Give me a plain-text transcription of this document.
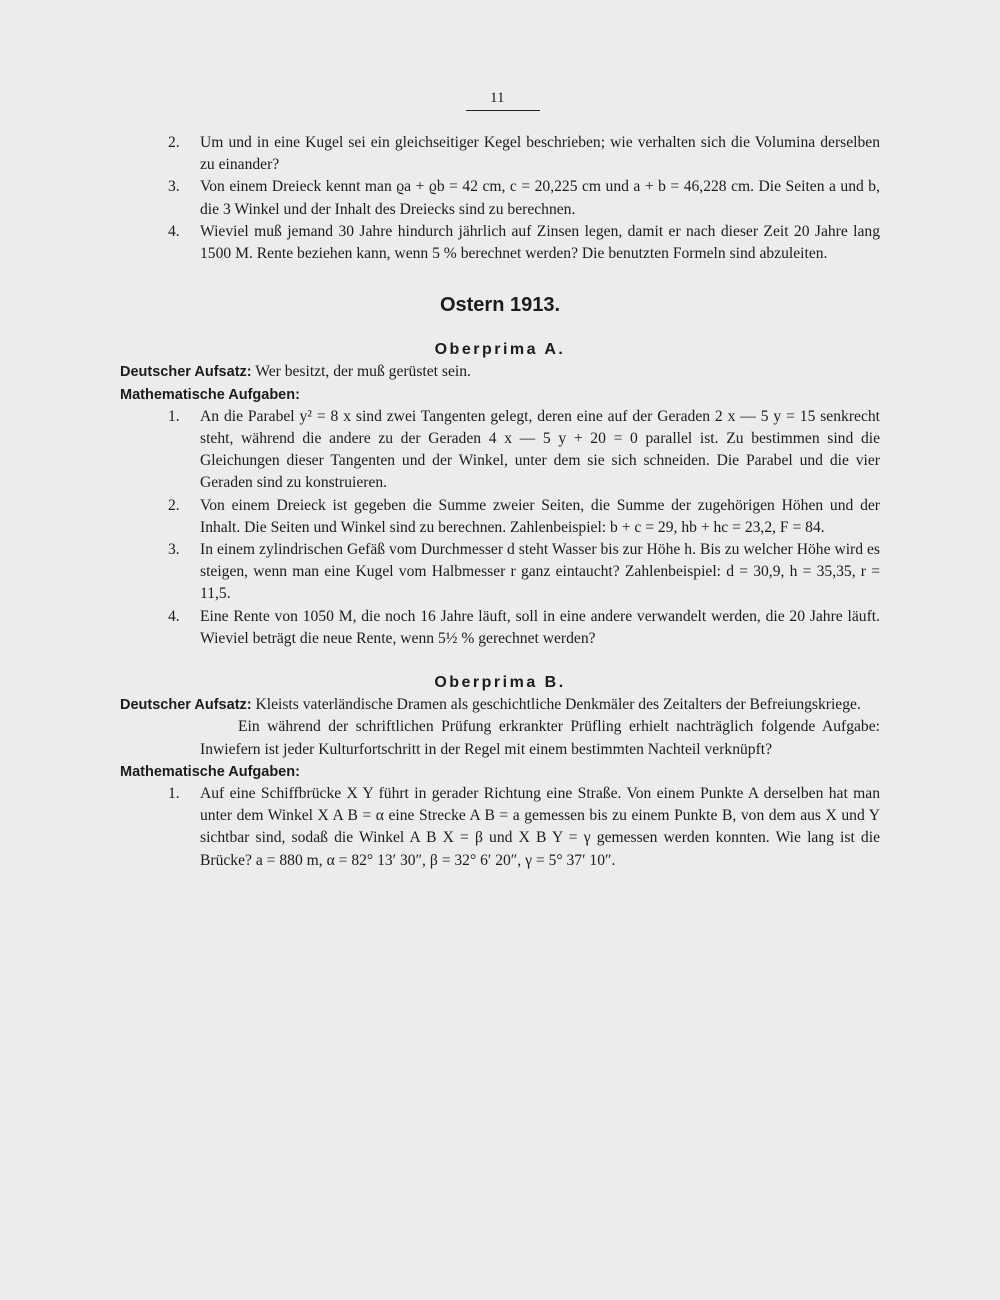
11
2. Um und in eine Kugel sei ein gleichseitiger Kegel beschrieben; wie verhalten sich die Volumina derselben zu einander?
3. Von einem Dreieck kennt man ϱa + ϱb = 42 cm, c = 20,225 cm und a + b = 46,228 cm. Die Seiten a und b, die 3 Winkel und der Inhalt des Dreiecks sind zu berechnen.
4. Wieviel muß jemand 30 Jahre hindurch jährlich auf Zinsen legen, damit er nach dieser Zeit 20 Jahre lang 1500 M. Rente beziehen kann, wenn 5 % berechnet werden? Die benutzten Formeln sind abzuleiten.
Ostern 1913.
Oberprima A.

Deutscher Aufsatz: Wer besitzt, der muß gerüstet sein.

Mathematische Aufgaben:

1. An die Parabel y² = 8 x sind zwei Tangenten gelegt, deren eine auf der Geraden 2 x — 5 y = 15 senkrecht steht, während die andere zu der Geraden 4 x — 5 y + 20 = 0 parallel ist. Zu bestimmen sind die Gleichungen dieser Tangenten und der Winkel, unter dem sie sich schneiden. Die Parabel und die vier Geraden sind zu konstruieren.
2. Von einem Dreieck ist gegeben die Summe zweier Seiten, die Summe der zugehörigen Höhen und der Inhalt. Die Seiten und Winkel sind zu berechnen. Zahlenbeispiel: b + c = 29, hb + hc = 23,2, F = 84.
3. In einem zylindrischen Gefäß vom Durchmesser d steht Wasser bis zur Höhe h. Bis zu welcher Höhe wird es steigen, wenn man eine Kugel vom Halbmesser r ganz eintaucht? Zahlenbeispiel: d = 30,9, h = 35,35, r = 11,5.
4. Eine Rente von 1050 M, die noch 16 Jahre läuft, soll in eine andere verwandelt werden, die 20 Jahre läuft. Wieviel beträgt die neue Rente, wenn 5½ % gerechnet werden?
Oberprima B.

Deutscher Aufsatz: Kleists vaterländische Dramen als geschichtliche Denkmäler des Zeitalters der Befreiungskriege.

Ein während der schriftlichen Prüfung erkrankter Prüfling erhielt nachträglich folgende Aufgabe: Inwiefern ist jeder Kulturfortschritt in der Regel mit einem bestimmten Nachteil verknüpft?

Mathematische Aufgaben:

1. Auf eine Schiffbrücke X Y führt in gerader Richtung eine Straße. Von einem Punkte A derselben hat man unter dem Winkel X A B = α eine Strecke A B = a gemessen bis zu einem Punkte B, von dem aus X und Y sichtbar sind, sodaß die Winkel A B X = β und X B Y = γ gemessen werden konnten. Wie lang ist die Brücke? a = 880 m, α = 82° 13′ 30″, β = 32° 6′ 20″, γ = 5° 37′ 10″.
